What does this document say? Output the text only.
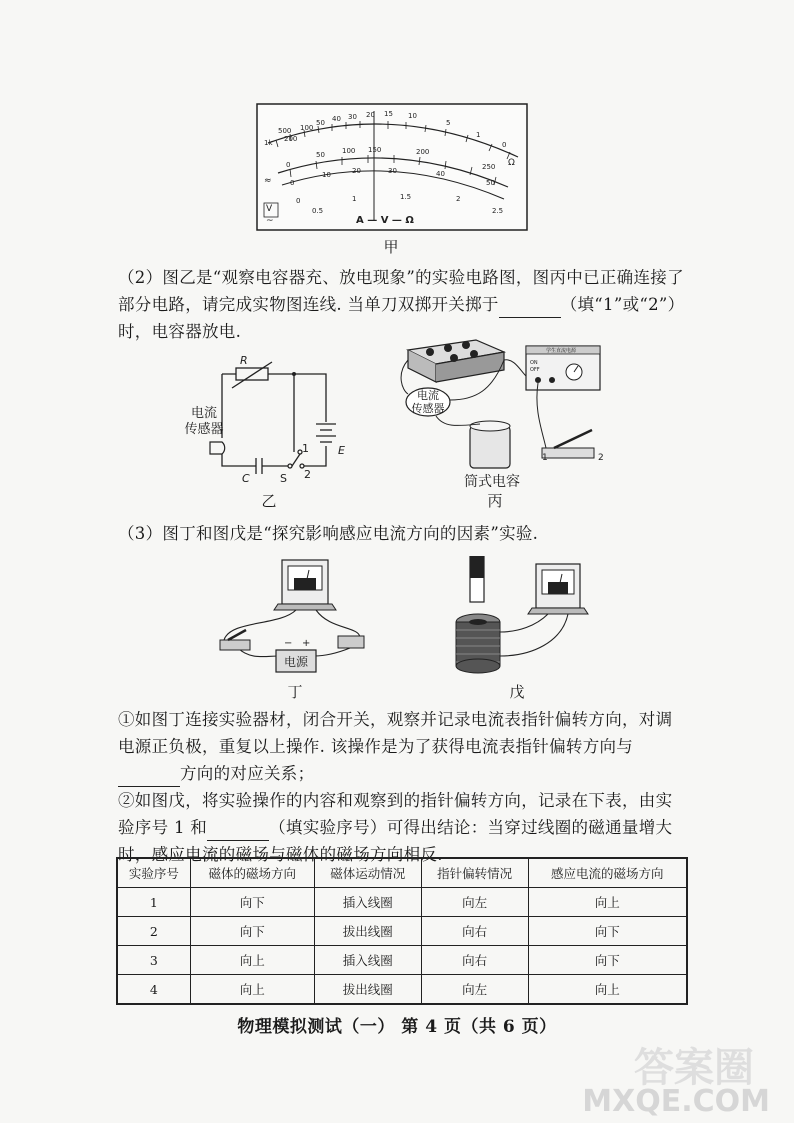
1k
500
200
100
50 40 30 20 15 10
5
1
0
Ω
0
50 100 150	200
250
0
10	20	30	40
50
0
0.5
1	1.5	2
2.5
≈
V
~	A — V — Ω
甲
（2）图乙是“观察电容器充、放电现象”的实验电路图，图丙中已正确连接了部分电路，请完成实物图连线. 当单刀双掷开关掷于	（填“1”或“2”）时，电容器放电.
R
E
C	S
1
2
电流
传感器
乙
学生直流电源
ON
OFF
1	2
电流
传感器
筒式电容
丙
（3）图丁和图戊是“探究影响感应电流方向的因素”实验.
电源
− +
丁	戊
①如图丁连接实验器材，闭合开关，观察并记录电流表指针偏转方向，对调电源正负极，重复以上操作. 该操作是为了获得电流表指针偏转方向与方向的对应关系；
②如图戊，将实验操作的内容和观察到的指针偏转方向，记录在下表，由实验序号 1 和	（填实验序号）可得出结论：当穿过线圈的磁通量增大时，感应电流的磁场与磁体的磁场方向相反.
实验序号	磁体的磁场方向	磁体运动情况	指针偏转情况	感应电流的磁场方向
1	向下	插入线圈	向左	向上
2	向下	拔出线圈	向右	向下
3	向上	插入线圈	向右	向下
4	向上	拔出线圈	向左	向上
物理模拟测试（一） 第 4 页（共 6 页）
答案圈
MXQE.COM
